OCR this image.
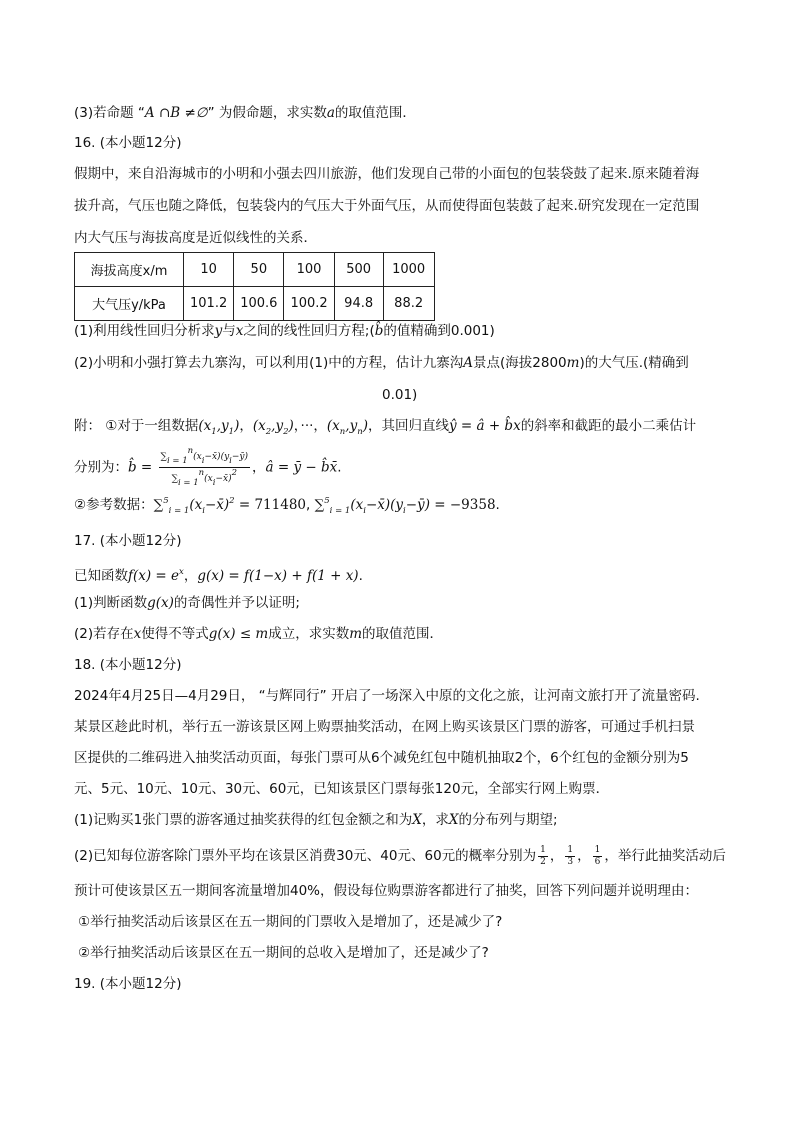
(3)若命题 “A ∩B ≠∅” 为假命题，求实数a的取值范围．
16. (本小题12分)
假期中，来自沿海城市的小明和小强去四川旅游，他们发现自己带的小面包的包装袋鼓了起来.原来随着海
拔升高，气压也随之降低，包装袋内的气压大于外面气压，从而使得面包装鼓了起来.研究发现在一定范围
内大气压与海拔高度是近似线性的关系．
海拔高度x/m	10	50	100	500	1000
大气压y/kPa	101.2	100.6	100.2	94.8	88.2
(1)利用线性回归分析求y与x之间的线性回归方程;(b̂的值精确到0.001)
(2)小明和小强打算去九寨沟，可以利用(1)中的方程，估计九寨沟A景点(海拔2800m)的大气压.(精确到
0.01)
附： ①对于一组数据$(x_1,y_1)$，$(x_2,y_2)$，···，$(x_n,y_n)$，其回归直线ŷ = â + b̂x的斜率和截距的最小二乘估计
分别为：b̂ = $\frac{\sum i = 1n(xi-x̄)(yi-ȳ)}{\sum i = 1n(xi-x̄)2}$ ，â = ȳ − b̂x̄.
②参考数据：$\sum^5_{i = 1}(x_i-x̄)^2 = 711480$, $\sum^5_{i = 1}(x_i-x̄)(y_i-ȳ) = -9358$.
17. (本小题12分)
已知函数$f(x) = e^x$，g(x) = f(1−x) + f(1 + x).
(1)判断函数g(x)的奇偶性并予以证明;
(2)若存在x使得不等式g(x) ≤ m成立，求实数m的取值范围．
18. (本小题12分)
2024年4月25日—4月29日， “与辉同行” 开启了一场深入中原的文化之旅，让河南文旅打开了流量密码.
某景区趁此时机，举行五一游该景区网上购票抽奖活动，在网上购买该景区门票的游客，可通过手机扫景
区提供的二维码进入抽奖活动页面，每张门票可从6个减免红包中随机抽取2个，6个红包的金额分别为5
元、5元、10元、10元、30元、60元，已知该景区门票每张120元，全部实行网上购票．
(1)记购买1张门票的游客通过抽奖获得的红包金额之和为X，求X的分布列与期望;
(2)已知每位游客除门票外平均在该景区消费30元、40元、60元的概率分别为 $\frac{1}{2}$ ， $\frac{1}{3}$ ， $\frac{1}{6}$ ，举行此抽奖活动后
预计可使该景区五一期间客流量增加40%，假设每位购票游客都进行了抽奖，回答下列问题并说明理由：
①举行抽奖活动后该景区在五一期间的门票收入是增加了，还是减少了?
②举行抽奖活动后该景区在五一期间的总收入是增加了，还是减少了?
19. (本小题12分)
